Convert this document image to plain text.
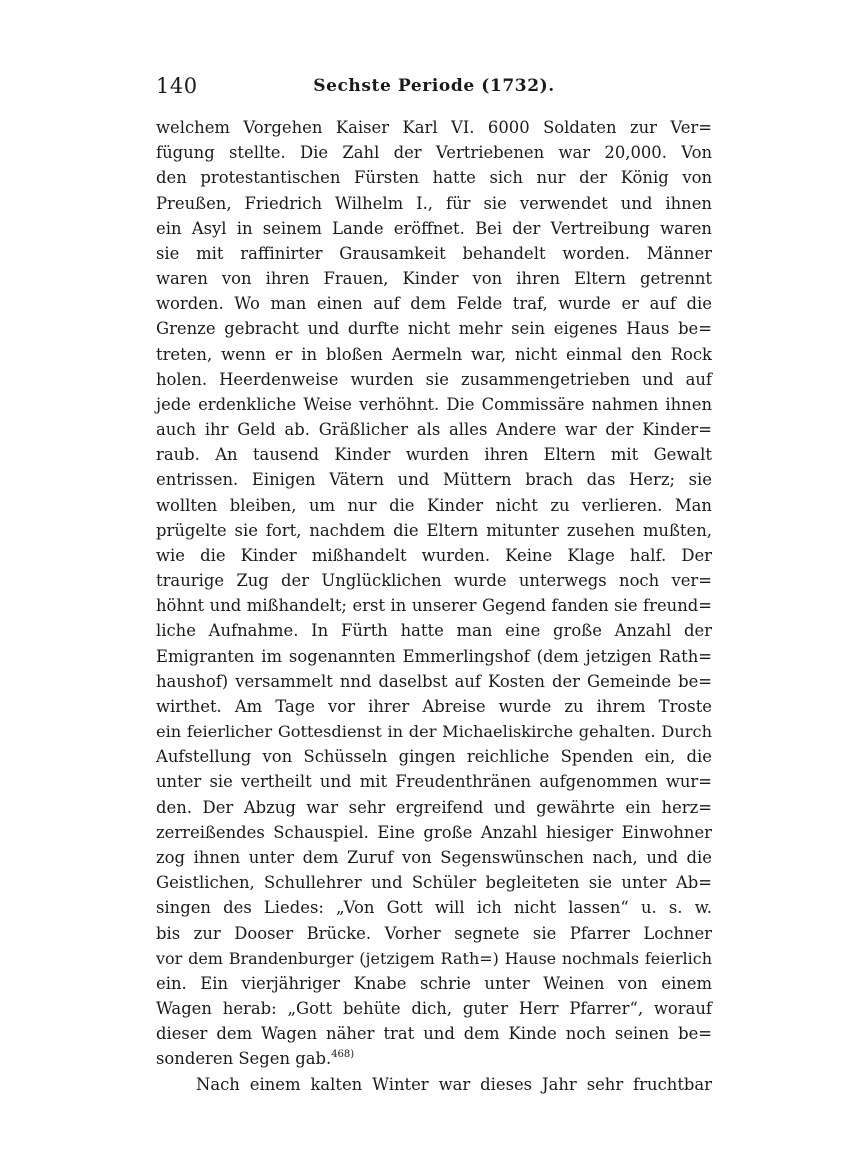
140	Sechste Periode (1732).
welchem Vorgehen Kaiser Karl VI. 6000 Soldaten zur Ver=
fügung stellte. Die Zahl der Vertriebenen war 20,000. Von
den protestantischen Fürsten hatte sich nur der König von
Preußen, Friedrich Wilhelm I., für sie verwendet und ihnen
ein Asyl in seinem Lande eröffnet. Bei der Vertreibung waren
sie mit raffinirter Grausamkeit behandelt worden. Männer
waren von ihren Frauen, Kinder von ihren Eltern getrennt
worden. Wo man einen auf dem Felde traf, wurde er auf die
Grenze gebracht und durfte nicht mehr sein eigenes Haus be=
treten, wenn er in bloßen Aermeln war, nicht einmal den Rock
holen. Heerdenweise wurden sie zusammengetrieben und auf
jede erdenkliche Weise verhöhnt. Die Commissäre nahmen ihnen
auch ihr Geld ab. Gräßlicher als alles Andere war der Kinder=
raub. An tausend Kinder wurden ihren Eltern mit Gewalt
entrissen. Einigen Vätern und Müttern brach das Herz; sie
wollten bleiben, um nur die Kinder nicht zu verlieren. Man
prügelte sie fort, nachdem die Eltern mitunter zusehen mußten,
wie die Kinder mißhandelt wurden. Keine Klage half. Der
traurige Zug der Unglücklichen wurde unterwegs noch ver=
höhnt und mißhandelt; erst in unserer Gegend fanden sie freund=
liche Aufnahme. In Fürth hatte man eine große Anzahl der
Emigranten im sogenannten Emmerlingshof (dem jetzigen Rath=
haushof) versammelt nnd daselbst auf Kosten der Gemeinde be=
wirthet. Am Tage vor ihrer Abreise wurde zu ihrem Troste
ein feierlicher Gottesdienst in der Michaeliskirche gehalten. Durch
Aufstellung von Schüsseln gingen reichliche Spenden ein, die
unter sie vertheilt und mit Freudenthränen aufgenommen wur=
den. Der Abzug war sehr ergreifend und gewährte ein herz=
zerreißendes Schauspiel. Eine große Anzahl hiesiger Einwohner
zog ihnen unter dem Zuruf von Segenswünschen nach, und die
Geistlichen, Schullehrer und Schüler begleiteten sie unter Ab=
singen des Liedes: „Von Gott will ich nicht lassen“ u. s. w.
bis zur Dooser Brücke. Vorher segnete sie Pfarrer Lochner
vor dem Brandenburger (jetzigem Rath=) Hause nochmals feierlich
ein. Ein vierjähriger Knabe schrie unter Weinen von einem
Wagen herab: „Gott behüte dich, guter Herr Pfarrer“, worauf
dieser dem Wagen näher trat und dem Kinde noch seinen be=
sonderen Segen gab.$^{468)}$
Nach einem kalten Winter war dieses Jahr sehr fruchtbar
